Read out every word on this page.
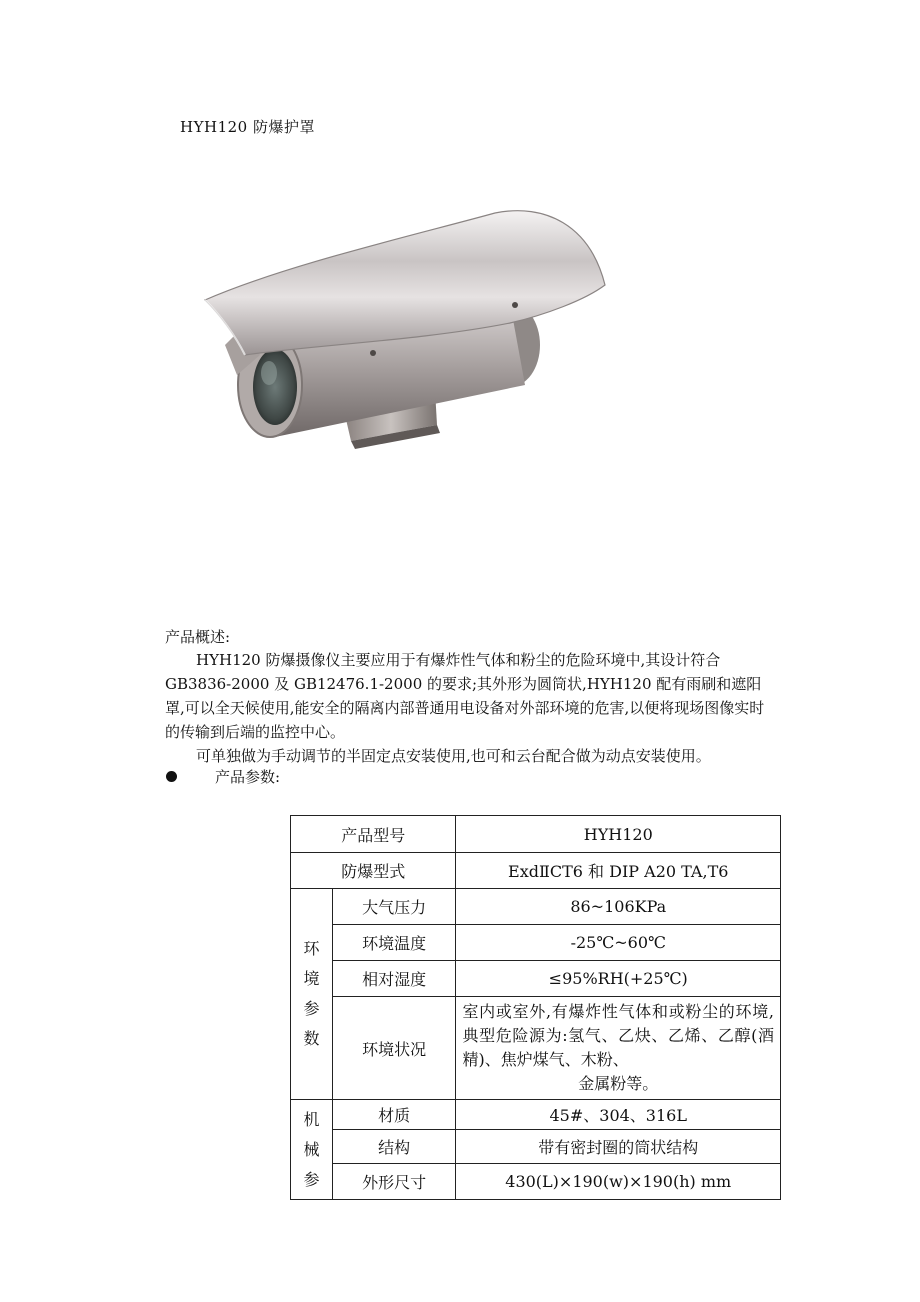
HYH120 防爆护罩
产品概述:

HYH120 防爆摄像仪主要应用于有爆炸性气体和粉尘的危险环境中,其设计符合 GB3836-2000 及 GB12476.1-2000 的要求;其外形为圆筒状,HYH120 配有雨刷和遮阳罩,可以全天候使用,能安全的隔离内部普通用电设备对外部环境的危害,以便将现场图像实时的传输到后端的监控中心。

可单独做为手动调节的半固定点安装使用,也可和云台配合做为动点安装使用。

产品参数:
产品型号		HYH120
防爆型式		ExdⅡCT6 和 DIP A20 TA,T6

环
境
参
数	大气压力	86~106KPa
	环境温度	-25℃~60℃
	相对湿度	≤95%RH(+25℃)
	环境状况	室内或室外,有爆炸性气体和或粉尘的环境,典型危险源为:氢气、乙炔、乙烯、乙醇(酒精)、焦炉煤气、木粉、
金属粉等。

机
械
参	材质	45#、304、316L
	结构	带有密封圈的筒状结构
	外形尺寸	430(L)×190(w)×190(h) mm
